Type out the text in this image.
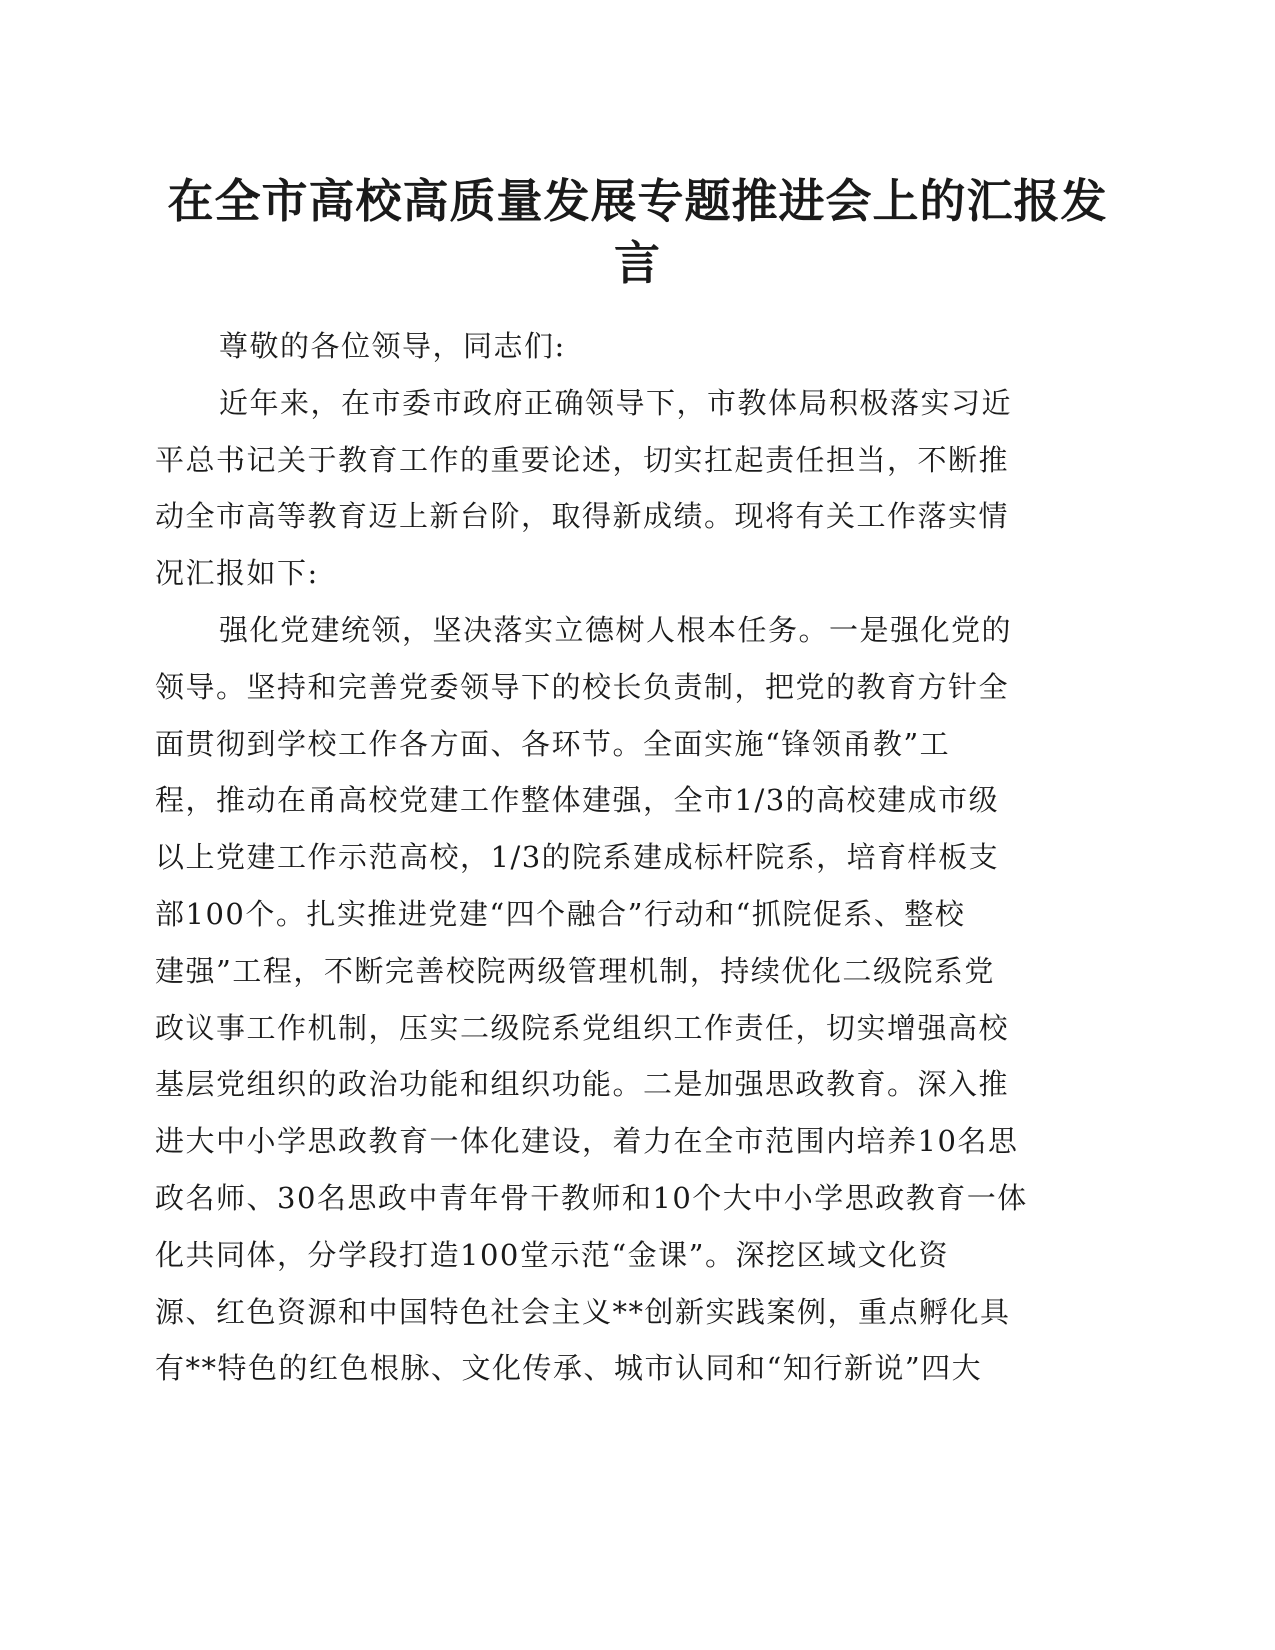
在全市高校高质量发展专题推进会上的汇报发
言

尊敬的各位领导，同志们:

近年来，在市委市政府正确领导下，市教体局积极落实习近

平总书记关于教育工作的重要论述，切实扛起责任担当，不断推

动全市高等教育迈上新台阶，取得新成绩。现将有关工作落实情

况汇报如下:

强化党建统领，坚决落实立德树人根本任务。一是强化党的

领导。坚持和完善党委领导下的校长负责制，把党的教育方针全

面贯彻到学校工作各方面、各环节。全面实施“锋领甬教”工

程，推动在甬高校党建工作整体建强，全市1/3的高校建成市级

以上党建工作示范高校，1/3的院系建成标杆院系，培育样板支

部100个。扎实推进党建“四个融合”行动和“抓院促系、整校

建强”工程，不断完善校院两级管理机制，持续优化二级院系党

政议事工作机制，压实二级院系党组织工作责任，切实增强高校

基层党组织的政治功能和组织功能。二是加强思政教育。深入推

进大中小学思政教育一体化建设，着力在全市范围内培养10名思

政名师、30名思政中青年骨干教师和10个大中小学思政教育一体

化共同体，分学段打造100堂示范“金课”。深挖区域文化资

源、红色资源和中国特色社会主义**创新实践案例，重点孵化具

有**特色的红色根脉、文化传承、城市认同和“知行新说”四大
